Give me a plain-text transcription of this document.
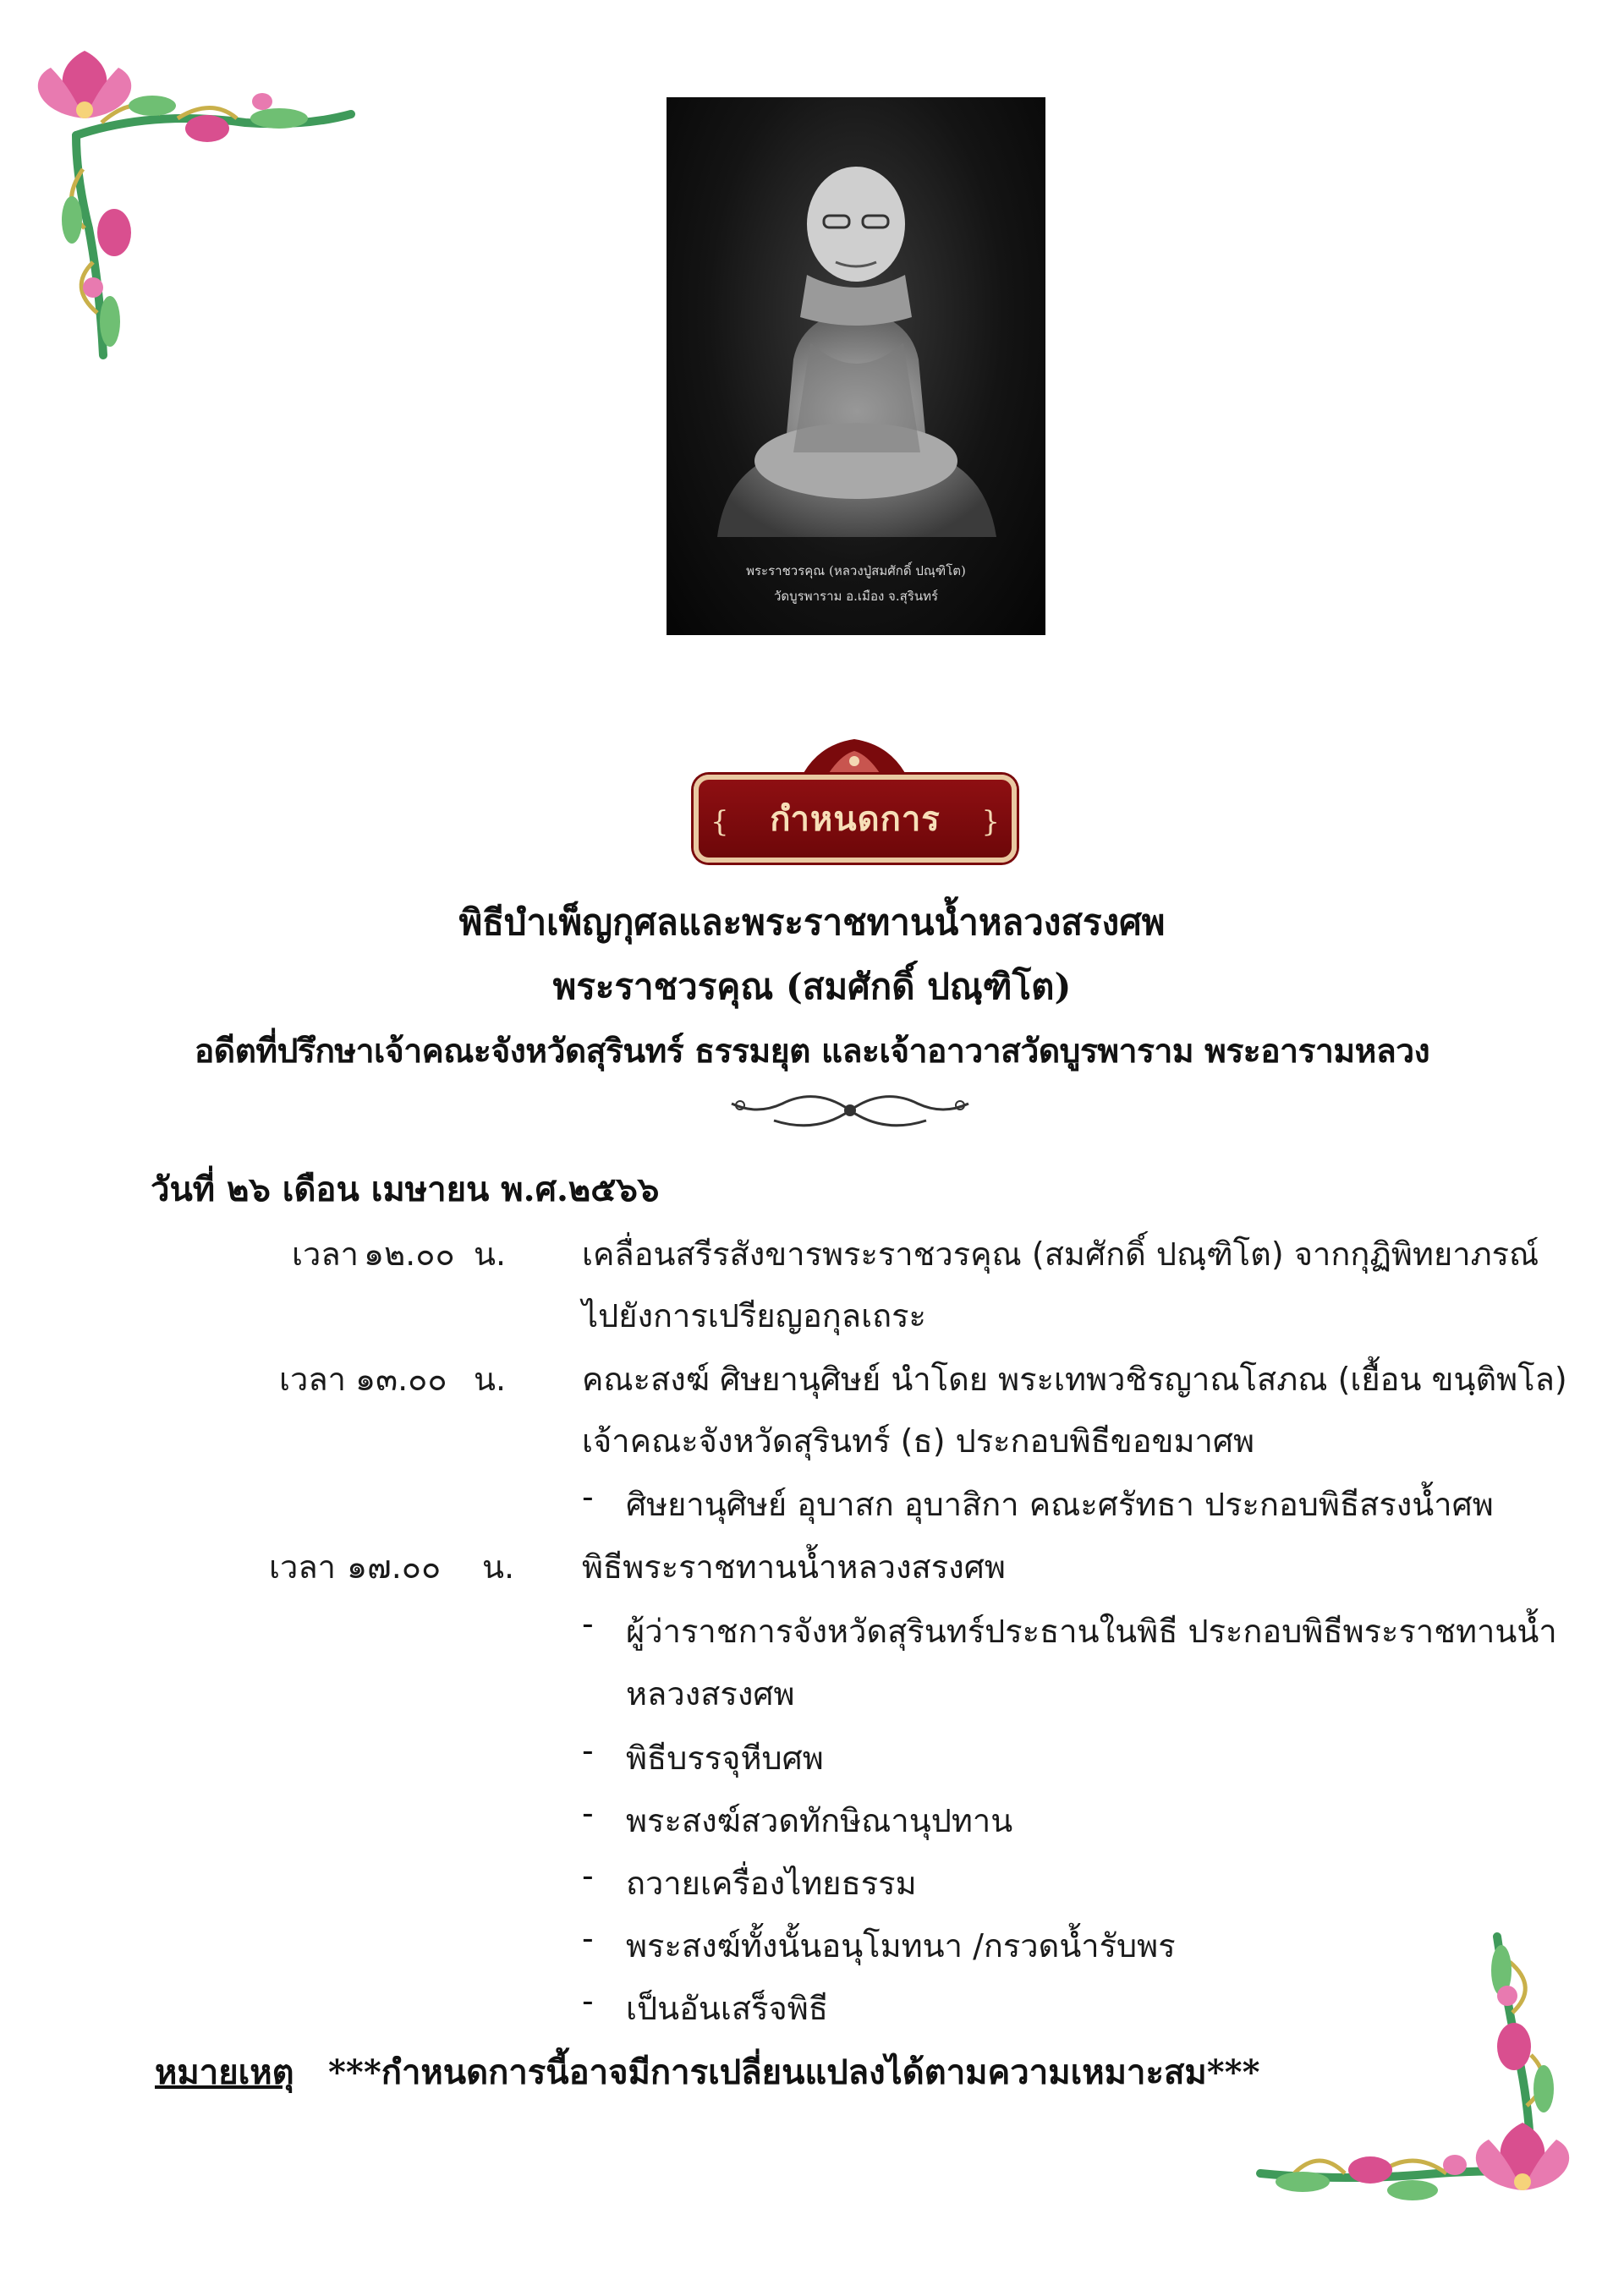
พระราชวรคุณ (หลวงปู่สมศักดิ์ ปณฺฑิโต)
วัดบูรพาราม อ.เมือง จ.สุรินทร์
{ กำหนดการ }
พิธีบำเพ็ญกุศลและพระราชทานน้ำหลวงสรงศพ
พระราชวรคุณ (สมศักดิ์ ปณฺฑิโต)
อดีตที่ปรึกษาเจ้าคณะจังหวัดสุรินทร์ ธรรมยุต และเจ้าอาวาสวัดบูรพาราม พระอารามหลวง
วันที่ ๒๖ เดือน เมษายน พ.ศ.๒๕๖๖
เวลา ๑๒.๐๐ น. เคลื่อนสรีรสังขารพระราชวรคุณ (สมศักดิ์ ปณฺฑิโต) จากกุฏิพิทยาภรณ์
ไปยังการเปรียญอกุลเถระ
เวลา ๑๓.๐๐ น. คณะสงฆ์ ศิษยานุศิษย์ นำโดย พระเทพวชิรญาณโสภณ (เยื้อน ขนฺติพโล)
เจ้าคณะจังหวัดสุรินทร์ (ธ) ประกอบพิธีขอขมาศพ
- ศิษยานุศิษย์ อุบาสก อุบาสิกา คณะศรัทธา ประกอบพิธีสรงน้ำศพ
เวลา ๑๗.๐๐ น. พิธีพระราชทานน้ำหลวงสรงศพ
- ผู้ว่าราชการจังหวัดสุรินทร์ประธานในพิธี ประกอบพิธีพระราชทานน้ำ
หลวงสรงศพ
- พิธีบรรจุหีบศพ
- พระสงฆ์สวดทักษิณานุปทาน
- ถวายเครื่องไทยธรรม
- พระสงฆ์ทั้งนั้นอนุโมทนา /กรวดน้ำรับพร
- เป็นอันเสร็จพิธี
หมายเหตุ ***กำหนดการนี้อาจมีการเปลี่ยนแปลงได้ตามความเหมาะสม***
